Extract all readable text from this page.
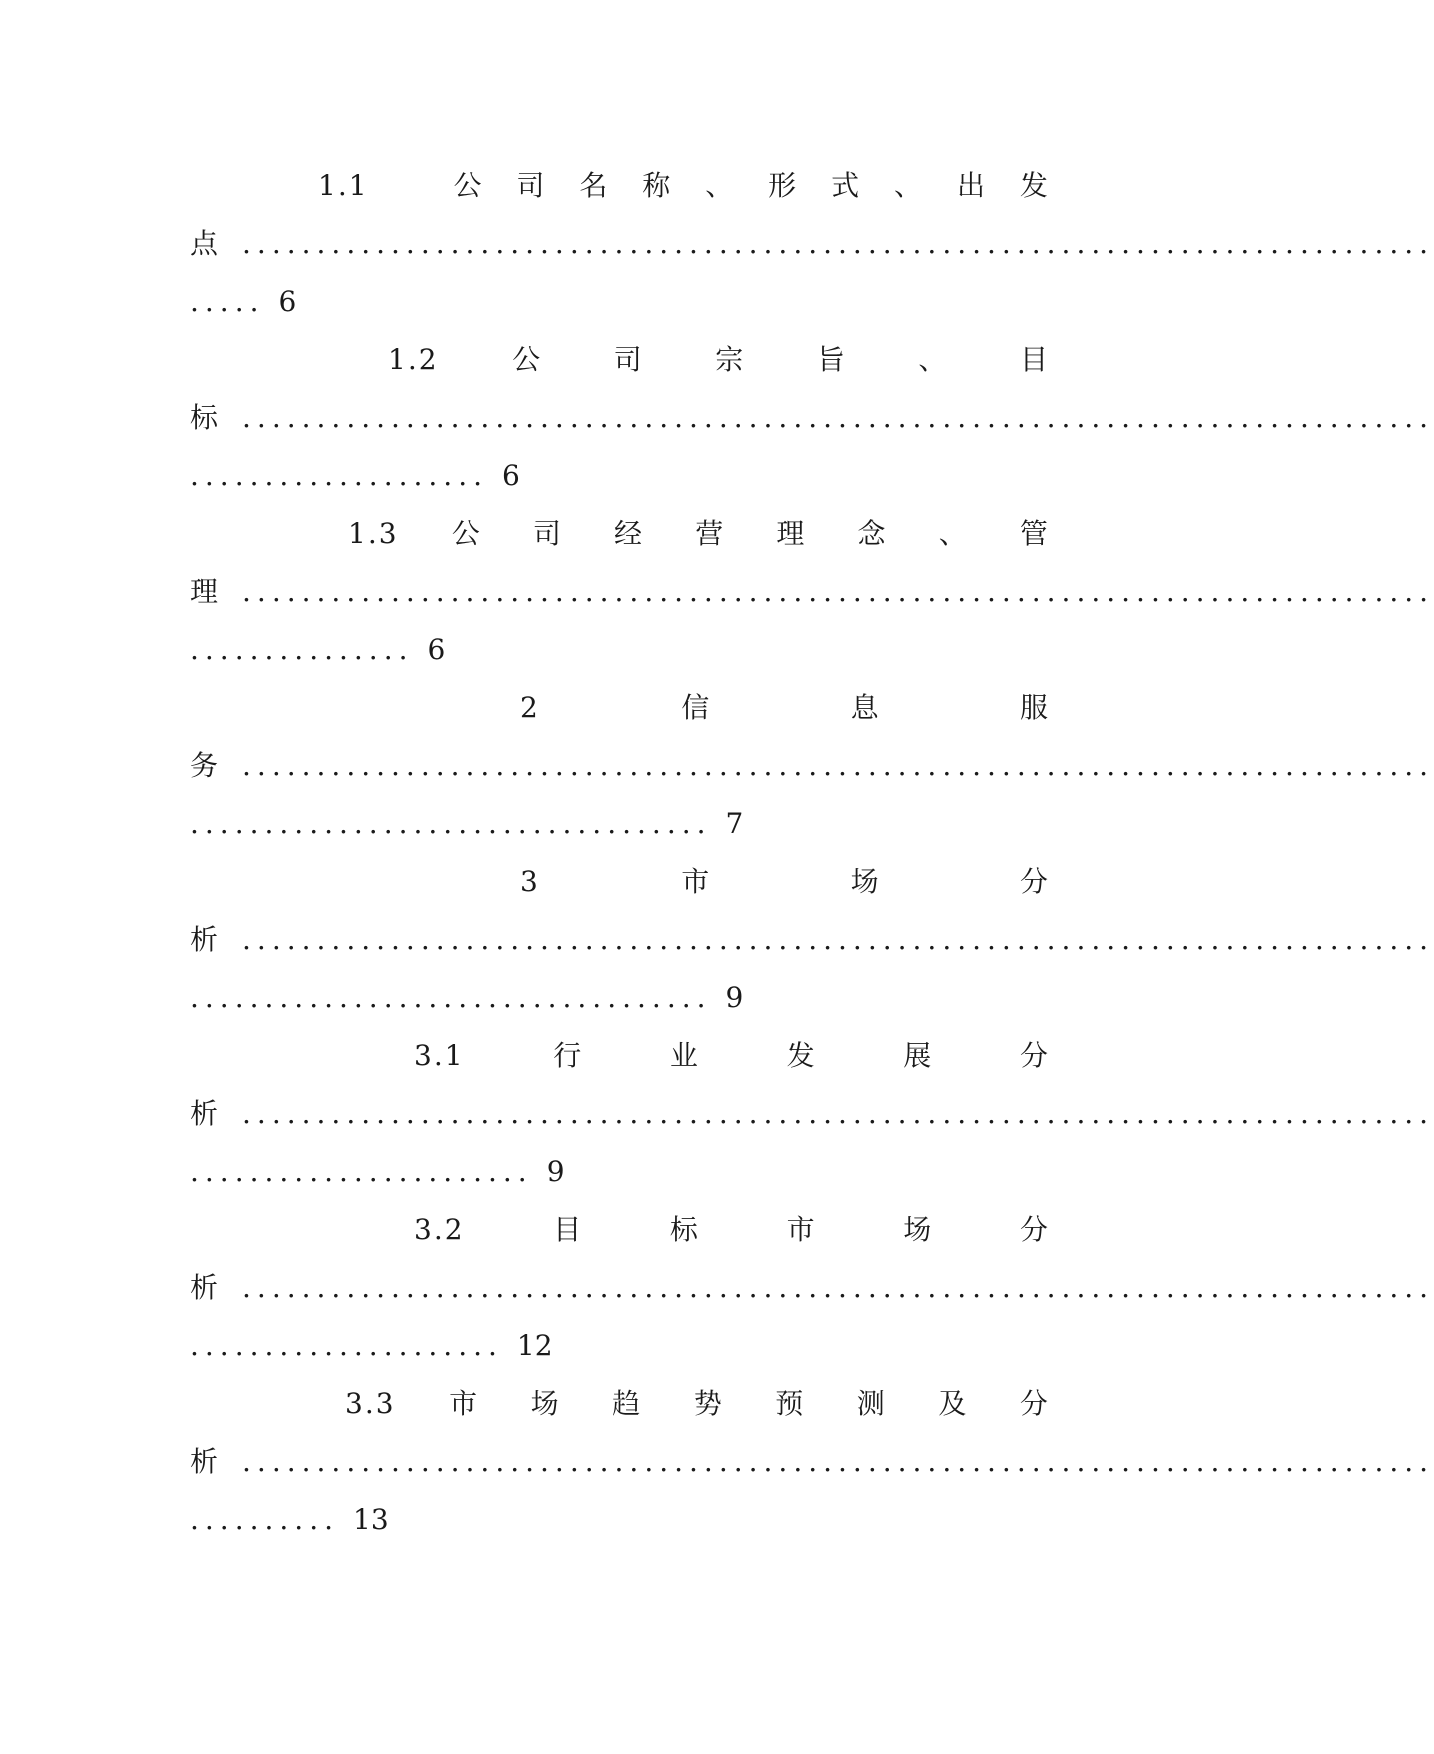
1.1	公 司 名 称 、 形 式 、 出 发
点 ................................................................................
..... 6
1.2	公	司	宗	旨	、	目
标 ................................................................................
.................... 6
1.3 公 司 经 营 理 念 、 管
理 ................................................................................
............... 6
2	信	息	服
务 ................................................................................
................................... 7
3	市	场	分
析 ................................................................................
................................... 9
3.1	行	业	发	展	分
析 ................................................................................
....................... 9
3.2	目	标	市	场	分
析 ................................................................................
..................... 12
3.3 市 场 趋 势 预 测 及 分
析 ................................................................................
.......... 13
